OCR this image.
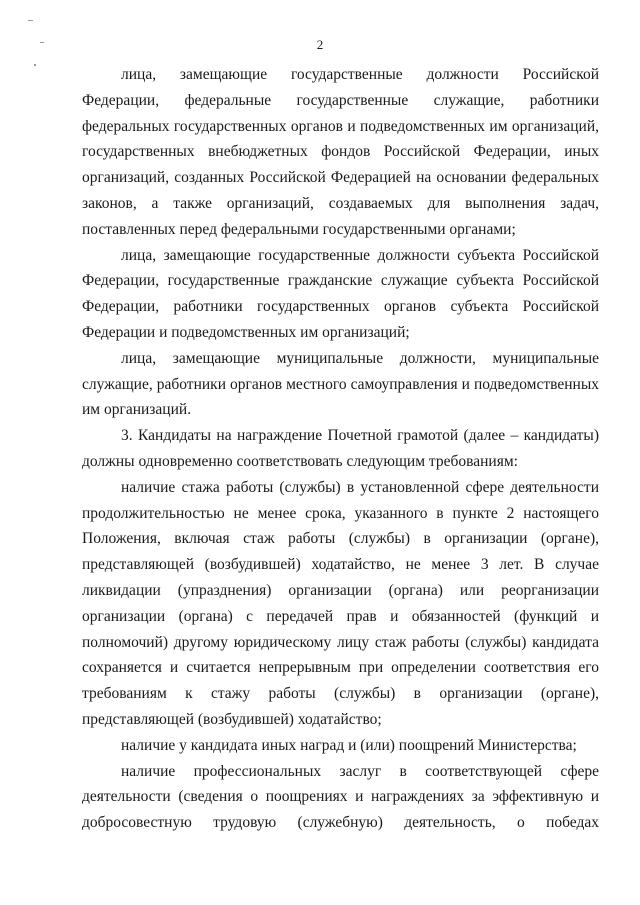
2

лица, замещающие государственные должности Российской Федерации, федеральные государственные служащие, работники федеральных государственных органов и подведомственных им организаций, государственных внебюджетных фондов Российской Федерации, иных организаций, созданных Российской Федерацией на основании федеральных законов, а также организаций, создаваемых для выполнения задач, поставленных перед федеральными государственными органами;

лица, замещающие государственные должности субъекта Российской Федерации, государственные гражданские служащие субъекта Российской Федерации, работники государственных органов субъекта Российской Федерации и подведомственных им организаций;

лица, замещающие муниципальные должности, муниципальные служащие, работники органов местного самоуправления и подведомственных им организаций.

3. Кандидаты на награждение Почетной грамотой (далее – кандидаты) должны одновременно соответствовать следующим требованиям:

наличие стажа работы (службы) в установленной сфере деятельности продолжительностью не менее срока, указанного в пункте 2 настоящего Положения, включая стаж работы (службы) в организации (органе), представляющей (возбудившей) ходатайство, не менее 3 лет. В случае ликвидации (упразднения) организации (органа) или реорганизации организации (органа) с передачей прав и обязанностей (функций и полномочий) другому юридическому лицу стаж работы (службы) кандидата сохраняется и считается непрерывным при определении соответствия его требованиям к стажу работы (службы) в организации (органе), представляющей (возбудившей) ходатайство;

наличие у кандидата иных наград и (или) поощрений Министерства;

наличие профессиональных заслуг в соответствующей сфере деятельности (сведения о поощрениях и награждениях за эффективную и добросовестную трудовую (служебную) деятельность, о победах
